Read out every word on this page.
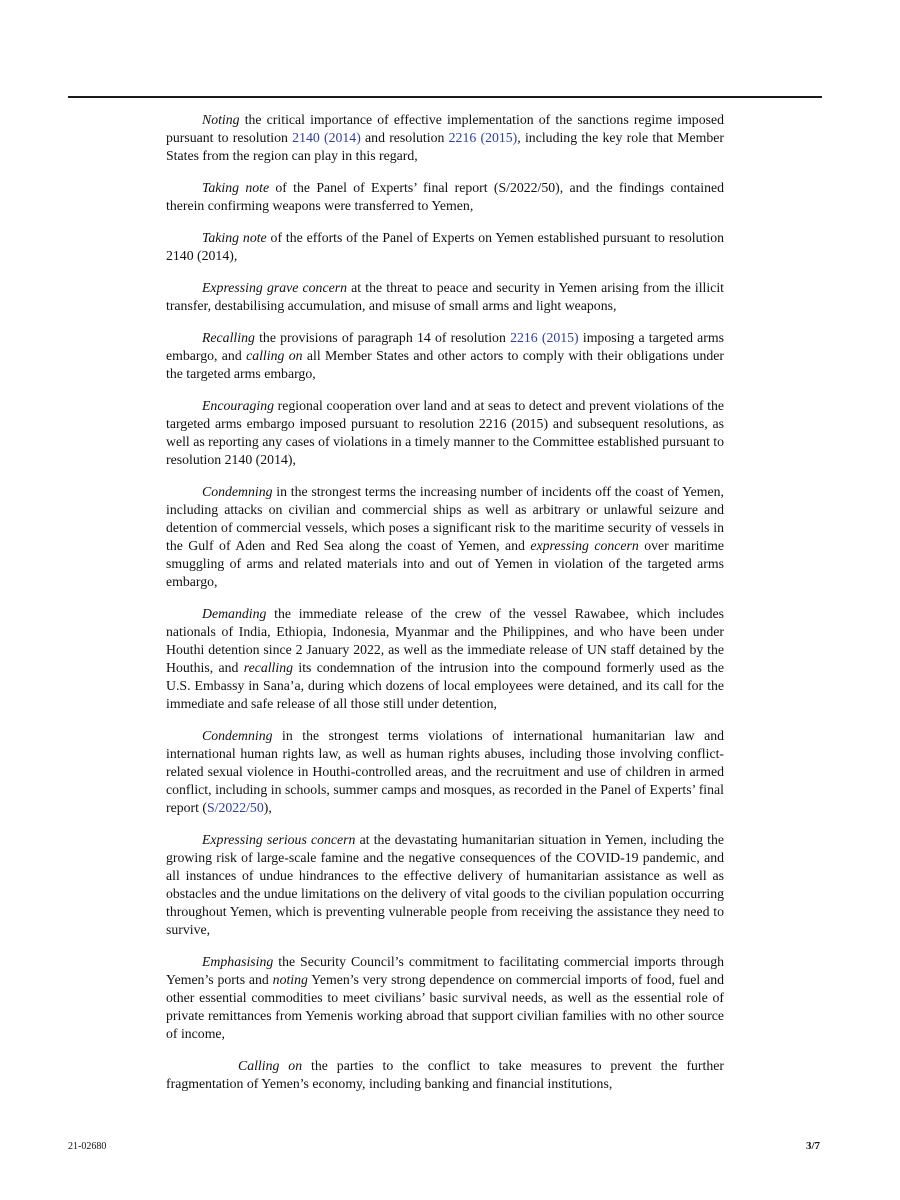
Noting the critical importance of effective implementation of the sanctions regime imposed pursuant to resolution 2140 (2014) and resolution 2216 (2015), including the key role that Member States from the region can play in this regard,

Taking note of the Panel of Experts’ final report (S/2022/50), and the findings contained therein confirming weapons were transferred to Yemen,

Taking note of the efforts of the Panel of Experts on Yemen established pursuant to resolution 2140 (2014),

Expressing grave concern at the threat to peace and security in Yemen arising from the illicit transfer, destabilising accumulation, and misuse of small arms and light weapons,

Recalling the provisions of paragraph 14 of resolution 2216 (2015) imposing a targeted arms embargo, and calling on all Member States and other actors to comply with their obligations under the targeted arms embargo,

Encouraging regional cooperation over land and at seas to detect and prevent violations of the targeted arms embargo imposed pursuant to resolution 2216 (2015) and subsequent resolutions, as well as reporting any cases of violations in a timely manner to the Committee established pursuant to resolution 2140 (2014),

Condemning in the strongest terms the increasing number of incidents off the coast of Yemen, including attacks on civilian and commercial ships as well as arbitrary or unlawful seizure and detention of commercial vessels, which poses a significant risk to the maritime security of vessels in the Gulf of Aden and Red Sea along the coast of Yemen, and expressing concern over maritime smuggling of arms and related materials into and out of Yemen in violation of the targeted arms embargo,

Demanding the immediate release of the crew of the vessel Rawabee, which includes nationals of India, Ethiopia, Indonesia, Myanmar and the Philippines, and who have been under Houthi detention since 2 January 2022, as well as the immediate release of UN staff detained by the Houthis, and recalling its condemnation of the intrusion into the compound formerly used as the U.S. Embassy in Sana’a, during which dozens of local employees were detained, and its call for the immediate and safe release of all those still under detention,

Condemning in the strongest terms violations of international humanitarian law and international human rights law, as well as human rights abuses, including those involving conflict-related sexual violence in Houthi-controlled areas, and the recruitment and use of children in armed conflict, including in schools, summer camps and mosques, as recorded in the Panel of Experts’ final report (S/2022/50),

Expressing serious concern at the devastating humanitarian situation in Yemen, including the growing risk of large-scale famine and the negative consequences of the COVID-19 pandemic, and all instances of undue hindrances to the effective delivery of humanitarian assistance as well as obstacles and the undue limitations on the delivery of vital goods to the civilian population occurring throughout Yemen, which is preventing vulnerable people from receiving the assistance they need to survive,

Emphasising the Security Council’s commitment to facilitating commercial imports through Yemen’s ports and noting Yemen’s very strong dependence on commercial imports of food, fuel and other essential commodities to meet civilians’ basic survival needs, as well as the essential role of private remittances from Yemenis working abroad that support civilian families with no other source of income,

Calling on the parties to the conflict to take measures to prevent the further fragmentation of Yemen’s economy, including banking and financial institutions,

21-02680	3/7
